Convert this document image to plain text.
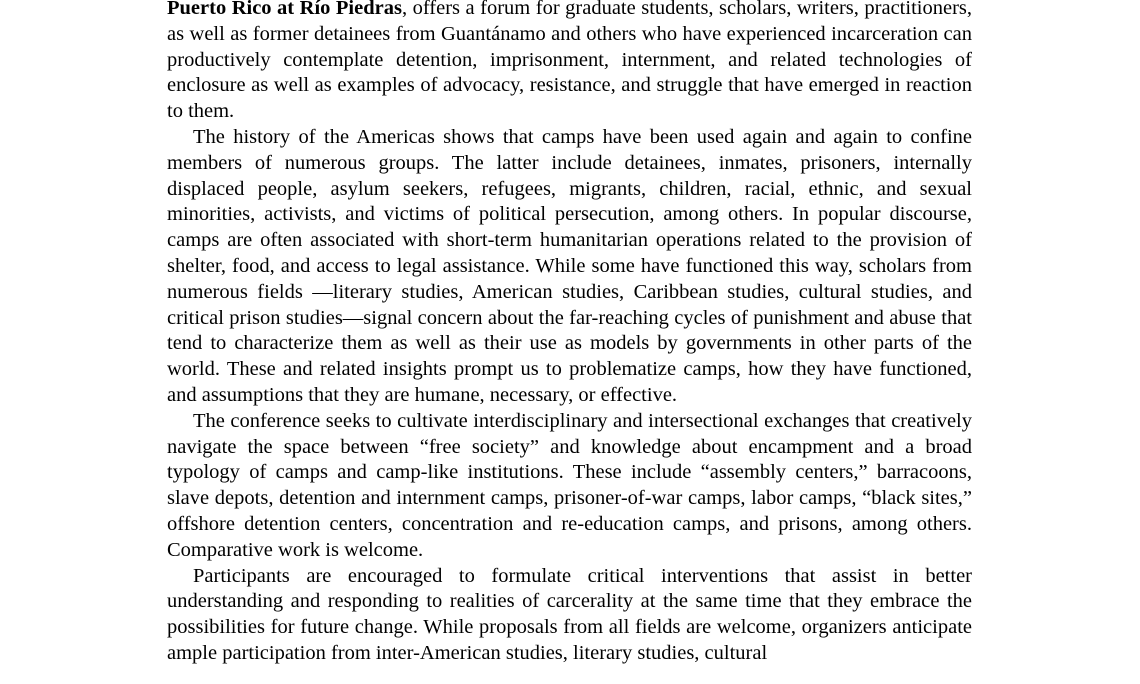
Puerto Rico at Río Piedras, offers a forum for graduate students, scholars, writers, practitioners, as well as former detainees from Guantánamo and others who have experienced incarceration can productively contemplate detention, imprisonment, internment, and related technologies of enclosure as well as examples of advocacy, resistance, and struggle that have emerged in reaction to them.

The history of the Americas shows that camps have been used again and again to confine members of numerous groups. The latter include detainees, inmates, prisoners, internally displaced people, asylum seekers, refugees, migrants, children, racial, ethnic, and sexual minorities, activists, and victims of political persecution, among others. In popular discourse, camps are often associated with short-term humanitarian operations related to the provision of shelter, food, and access to legal assistance. While some have functioned this way, scholars from numerous fields —literary studies, American studies, Caribbean studies, cultural studies, and critical prison studies—signal concern about the far-reaching cycles of punishment and abuse that tend to characterize them as well as their use as models by governments in other parts of the world. These and related insights prompt us to problematize camps, how they have functioned, and assumptions that they are humane, necessary, or effective.

The conference seeks to cultivate interdisciplinary and intersectional exchanges that creatively navigate the space between “free society” and knowledge about encampment and a broad typology of camps and camp-like institutions. These include “assembly centers,” barracoons, slave depots, detention and internment camps, prisoner-of-war camps, labor camps, “black sites,” offshore detention centers, concentration and re-education camps, and prisons, among others. Comparative work is welcome.

Participants are encouraged to formulate critical interventions that assist in better understanding and responding to realities of carcerality at the same time that they embrace the possibilities for future change. While proposals from all fields are welcome, organizers anticipate ample participation from inter-American studies, literary studies, cultural
